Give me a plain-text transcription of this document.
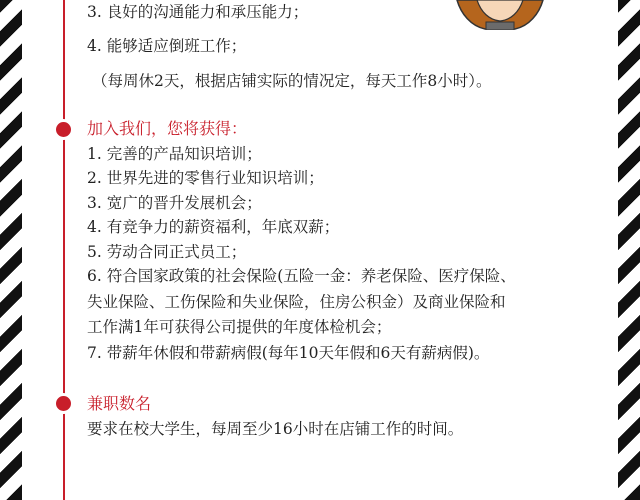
3. 良好的沟通能力和承压能力；
4. 能够适应倒班工作；
（每周休2天，根据店铺实际的情况定，每天工作8小时）。
加入我们，您将获得：
1. 完善的产品知识培训；
2. 世界先进的零售行业知识培训；
3. 宽广的晋升发展机会；
4. 有竞争力的薪资福利，年底双薪；
5. 劳动合同正式员工；
6. 符合国家政策的社会保险(五险一金：养老保险、医疗保险、
失业保险、工伤保险和失业保险，住房公积金）及商业保险和
工作满1年可获得公司提供的年度体检机会；
7. 带薪年休假和带薪病假(每年10天年假和6天有薪病假)。
兼职数名
要求在校大学生，每周至少16小时在店铺工作的时间。
